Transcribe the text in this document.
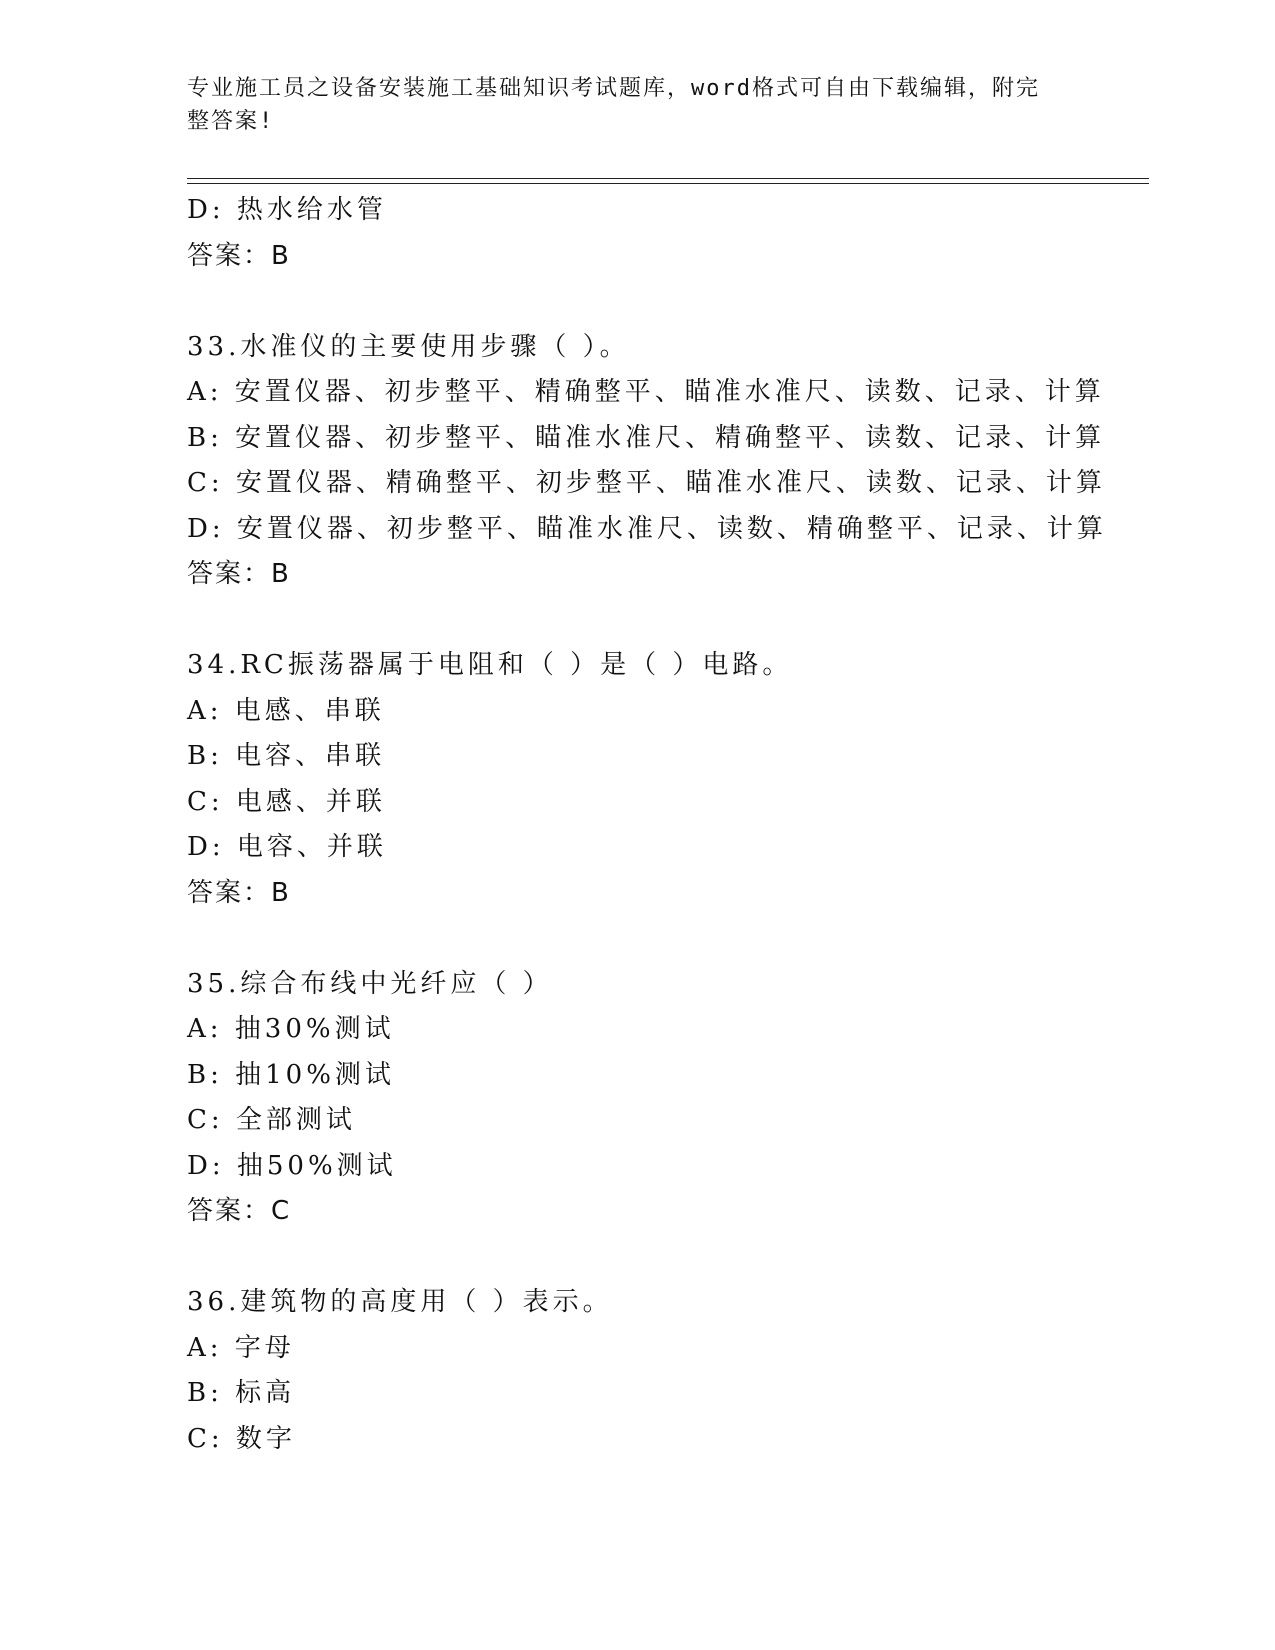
专业施工员之设备安装施工基础知识考试题库，word格式可自由下载编辑，附完
整答案!
D: 热水给水管
答案：B
33.水准仪的主要使用步骤（ ）。
A: 安置仪器、初步整平、精确整平、瞄准水准尺、读数、记录、计算
B: 安置仪器、初步整平、瞄准水准尺、精确整平、读数、记录、计算
C: 安置仪器、精确整平、初步整平、瞄准水准尺、读数、记录、计算
D: 安置仪器、初步整平、瞄准水准尺、读数、精确整平、记录、计算
答案：B
34.RC振荡器属于电阻和（ ）是（ ）电路。
A: 电感、串联
B: 电容、串联
C: 电感、并联
D: 电容、并联
答案：B
35.综合布线中光纤应（ ）
A: 抽30%测试
B: 抽10%测试
C: 全部测试
D: 抽50%测试
答案：C
36.建筑物的高度用（ ）表示。
A: 字母
B: 标高
C: 数字
